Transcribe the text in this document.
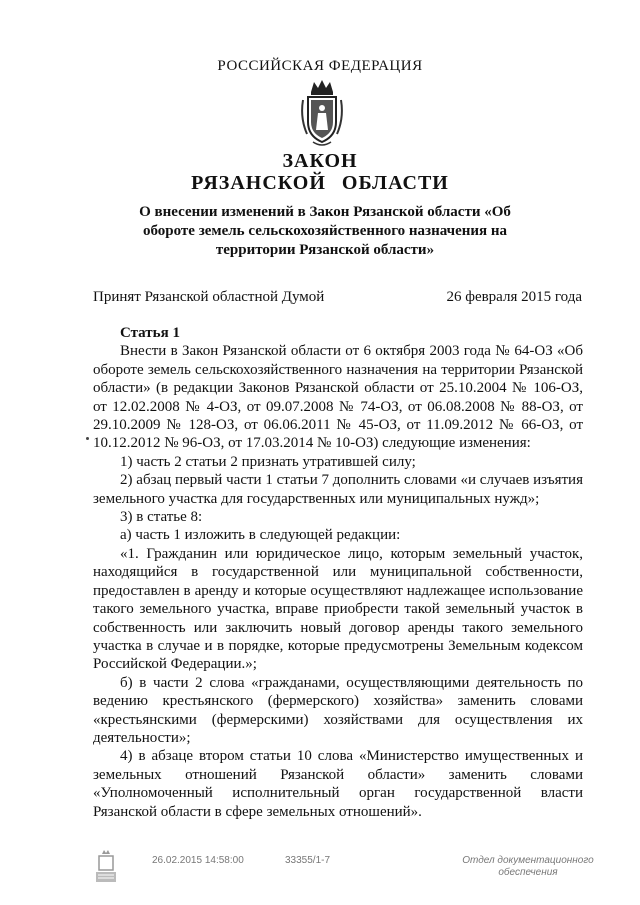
РОССИЙСКАЯ ФЕДЕРАЦИЯ
ЗАКОН
РЯЗАНСКОЙ ОБЛАСТИ
О внесении изменений в Закон Рязанской области «Об обороте земель сельскохозяйственного назначения на территории Рязанской области»
Принят Рязанской областной Думой	26 февраля 2015 года

Статья 1

Внести в Закон Рязанской области от 6 октября 2003 года № 64-ОЗ «Об обороте земель сельскохозяйственного назначения на территории Рязанской области» (в редакции Законов Рязанской области от 25.10.2004 № 106-ОЗ, от 12.02.2008 № 4-ОЗ, от 09.07.2008 № 74-ОЗ, от 06.08.2008 № 88-ОЗ, от 29.10.2009 № 128-ОЗ, от 06.06.2011 № 45-ОЗ, от 11.09.2012 № 66-ОЗ, от 10.12.2012 № 96-ОЗ, от 17.03.2014 № 10-ОЗ) следующие изменения:

1) часть 2 статьи 2 признать утратившей силу;

2) абзац первый части 1 статьи 7 дополнить словами «и случаев изъятия земельного участка для государственных или муниципальных нужд»;

3) в статье 8:

а) часть 1 изложить в следующей редакции:

«1. Гражданин или юридическое лицо, которым земельный участок, находящийся в государственной или муниципальной собственности, предоставлен в аренду и которые осуществляют надлежащее использование такого земельного участка, вправе приобрести такой земельный участок в собственность или заключить новый договор аренды такого земельного участка в случае и в порядке, которые предусмотрены Земельным кодексом Российской Федерации.»;

б) в части 2 слова «гражданами, осуществляющими деятельность по ведению крестьянского (фермерского) хозяйства» заменить словами «крестьянскими (фермерскими) хозяйствами для осуществления их деятельности»;

4) в абзаце втором статьи 10 слова «Министерство имущественных и земельных отношений Рязанской области» заменить словами «Уполномоченный исполнительный орган государственной власти Рязанской области в сфере земельных отношений».

26.02.2015 14:58:00	33355/1-7	Отдел документационного обеспечения
